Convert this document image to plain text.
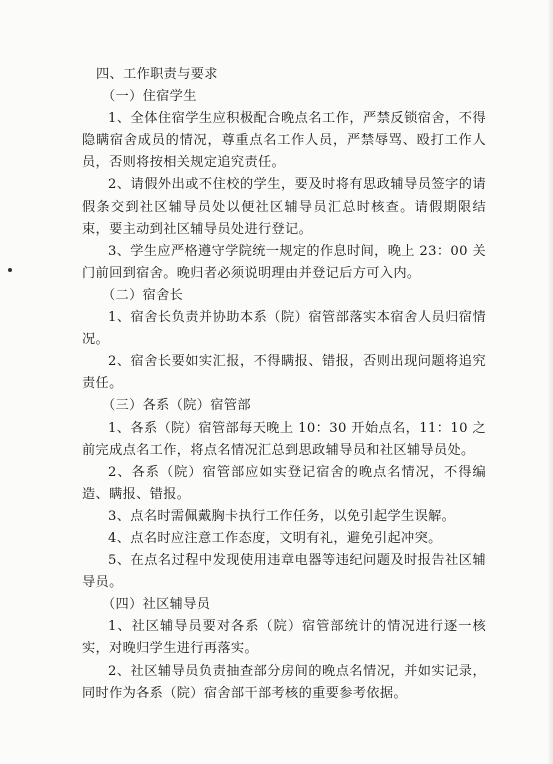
四、工作职责与要求

（一）住宿学生

1、全体住宿学生应积极配合晚点名工作，严禁反锁宿舍，不得隐瞒宿舍成员的情况，尊重点名工作人员，严禁辱骂、殴打工作人员，否则将按相关规定追究责任。

2、请假外出或不住校的学生，要及时将有思政辅导员签字的请假条交到社区辅导员处以便社区辅导员汇总时核查。请假期限结束，要主动到社区辅导员处进行登记。

3、学生应严格遵守学院统一规定的作息时间，晚上 23：00 关门前回到宿舍。晚归者必须说明理由并登记后方可入内。

（二）宿舍长

1、宿舍长负责并协助本系（院）宿管部落实本宿舍人员归宿情况。

2、宿舍长要如实汇报，不得瞒报、错报，否则出现问题将追究责任。

（三）各系（院）宿管部

1、各系（院）宿管部每天晚上 10：30 开始点名，11：10 之前完成点名工作，将点名情况汇总到思政辅导员和社区辅导员处。

2、各系（院）宿管部应如实登记宿舍的晚点名情况，不得编造、瞒报、错报。

3、点名时需佩戴胸卡执行工作任务，以免引起学生误解。

4、点名时应注意工作态度，文明有礼，避免引起冲突。

5、在点名过程中发现使用违章电器等违纪问题及时报告社区辅导员。

（四）社区辅导员

1、社区辅导员要对各系（院）宿管部统计的情况进行逐一核实，对晚归学生进行再落实。

2、社区辅导员负责抽查部分房间的晚点名情况，并如实记录，同时作为各系（院）宿舍部干部考核的重要参考依据。
